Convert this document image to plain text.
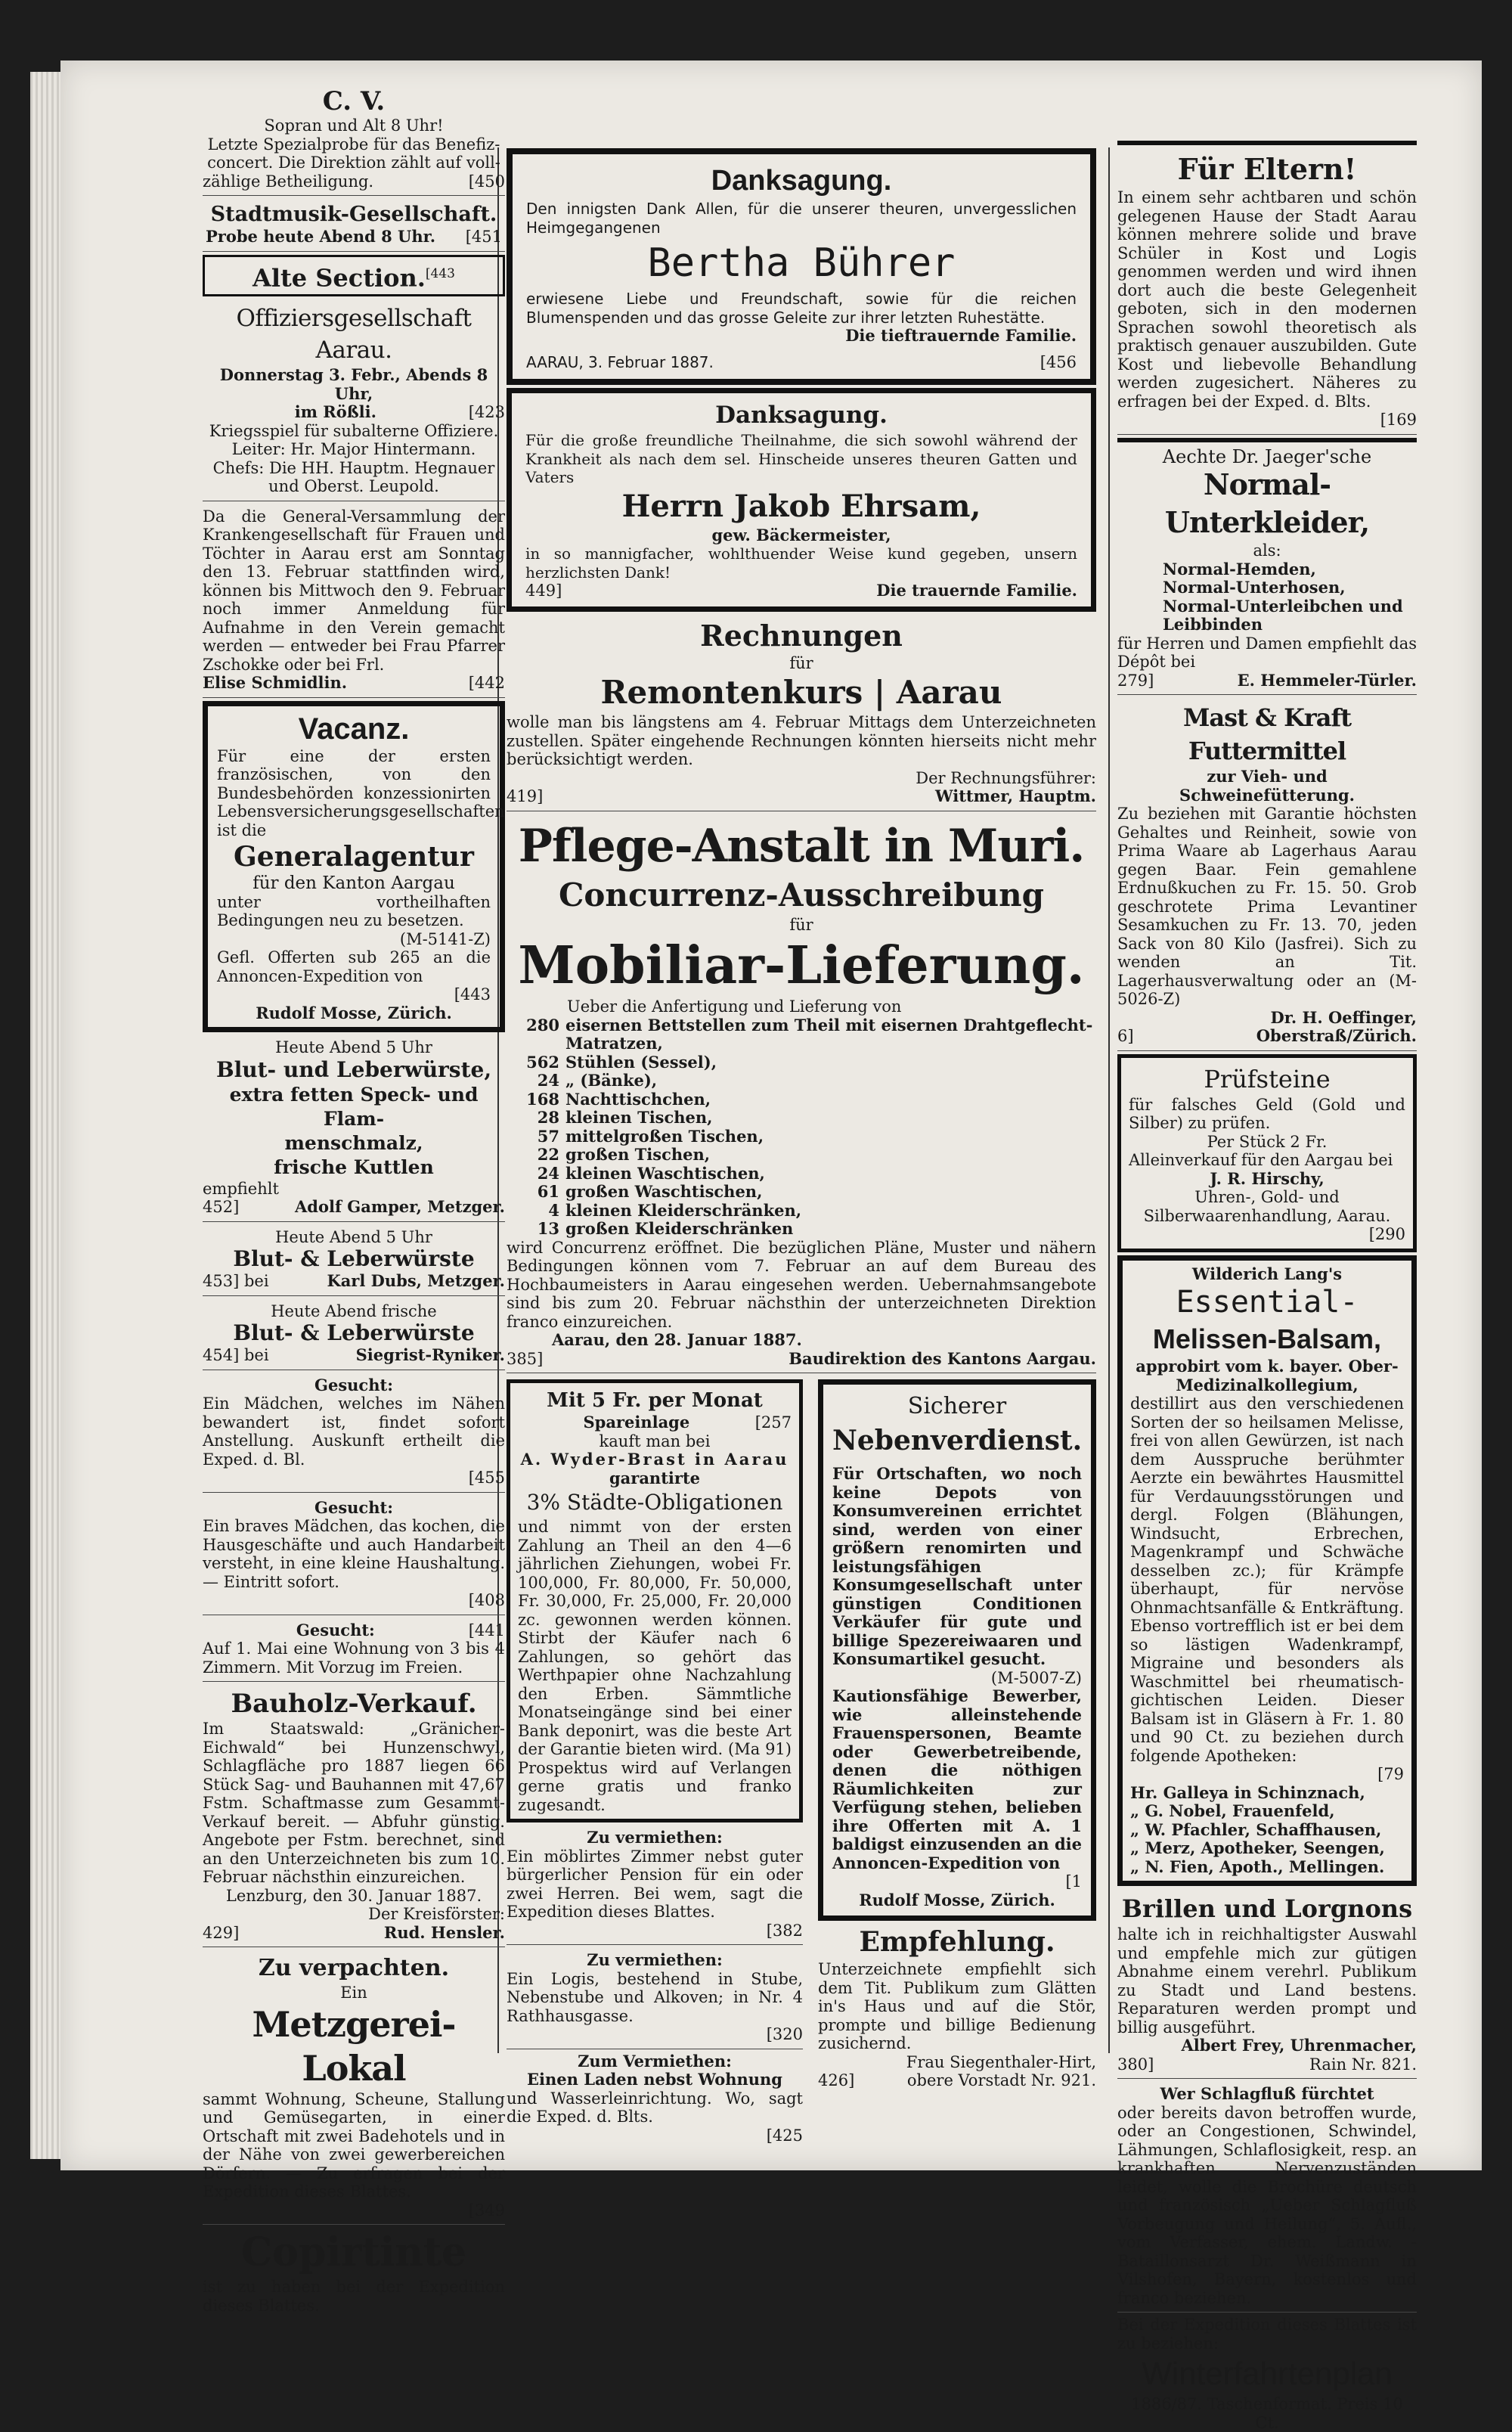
C. V.

Sopran und Alt 8 Uhr!

Letzte Spezialprobe für das Benefiz-

concert. Die Direktion zählt auf voll-

zählige Betheiligung.	[450

Stadtmusik-Gesellschaft.

Probe heute Abend 8 Uhr. [451

Alte Section.$^{[443}$

Offiziersgesellschaft Aarau.

Donnerstag 3. Febr., Abends 8 Uhr,

im Rößli.	[423

Kriegsspiel für subalterne Offiziere.

Leiter: Hr. Major Hintermann.

Chefs: Die HH. Hauptm. Hegnauer

und Oberst. Leupold.

Da die General-Versammlung der Krankengesellschaft für Frauen und Töchter in Aarau erst am Sonntag den 13. Februar stattfinden wird, können bis Mittwoch den 9. Februar noch immer Anmeldung für Aufnahme in den Verein gemacht werden — entweder bei Frau Pfarrer Zschokke oder bei Frl.

Elise Schmidlin.	[442

Vacanz.

Für eine der ersten französischen, von den Bundesbehörden konzessionirten Lebensversicherungsgesellschaften ist die

Generalagentur

für den Kanton Aargau

unter vortheilhaften Bedingungen neu zu besetzen.

(M-5141-Z)

Gefl. Offerten sub 265 an die Annoncen-Expedition von

[443

Rudolf Mosse, Zürich.

Heute Abend 5 Uhr

Blut- und Leberwürste,

extra fetten Speck- und Flam-

menschmalz,

frische Kuttlen

empfiehlt

452]	Adolf Gamper, Metzger.

Heute Abend 5 Uhr

Blut- & Leberwürste

453] bei	Karl Dubs, Metzger.

Heute Abend frische

Blut- & Leberwürste

454] bei	Siegrist-Ryniker.

Gesucht:

Ein Mädchen, welches im Nähen bewandert ist, findet sofort Anstellung. Auskunft ertheilt die Exped. d. Bl.

[455

Gesucht:

Ein braves Mädchen, das kochen, die Hausgeschäfte und auch Handarbeit versteht, in eine kleine Haushaltung. — Eintritt sofort.

[408

Gesucht:	[441

Auf 1. Mai eine Wohnung von 3 bis 4 Zimmern. Mit Vorzug im Freien.

Bauholz-Verkauf.

Im Staatswald: „Gränicher-Eichwald“ bei Hunzenschwyl, Schlagfläche pro 1887 liegen 66 Stück Sag- und Bauhannen mit 47,67 Fstm. Schaftmasse zum Gesammt-Verkauf bereit. — Abfuhr günstig. Angebote per Fstm. berechnet, sind an den Unterzeichneten bis zum 10. Februar nächsthin einzureichen.

Lenzburg, den 30. Januar 1887.

Der Kreisförster:

429]	Rud. Hensler.

Zu verpachten.

Ein

Metzgerei-Lokal

sammt Wohnung, Scheune, Stallung und Gemüsegarten, in einer Ortschaft mit zwei Badehotels und in der Nähe von zwei gewerbereichen Dörfern. — Zu erfragen bei der Expedition dieses Blattes.

[349

Copirtinte

ist zu haben bei der Expedition dieses Blattes.

Danksagung.

Den innigsten Dank Allen, für die unserer theuren, unvergesslichen Heimgegangenen

Bertha Bührer

erwiesene Liebe und Freundschaft, sowie für die reichen Blumenspenden und das grosse Geleite zur ihrer letzten Ruhestätte.

Die tieftrauernde Familie.

AARAU, 3. Februar 1887.	[456

Danksagung.

Für die große freundliche Theilnahme, die sich sowohl während der Krankheit als nach dem sel. Hinscheide unseres theuren Gatten und Vaters

Herrn Jakob Ehrsam,

gew. Bäckermeister,

in so mannigfacher, wohlthuender Weise kund gegeben, unsern herzlichsten Dank!

449]	Die trauernde Familie.

Rechnungen

für

Remontenkurs | Aarau

wolle man bis längstens am 4. Februar Mittags dem Unterzeichneten zustellen. Später eingehende Rechnungen könnten hierseits nicht mehr berücksichtigt werden.

Der Rechnungsführer:

419]	Wittmer, Hauptm.

Pflege-Anstalt in Muri.

Concurrenz-Ausschreibung

für

Mobiliar-Lieferung.

Ueber die Anfertigung und Lieferung von

280 eisernen Bettstellen zum Theil mit eisernen Drahtgeflecht-Matratzen,
562 Stühlen (Sessel),
24 „ (Bänke),
168 Nachttischchen,
28 kleinen Tischen,
57 mittelgroßen Tischen,
22 großen Tischen,
24 kleinen Waschtischen,
61 großen Waschtischen,
4 kleinen Kleiderschränken,
13 großen Kleiderschränken

wird Concurrenz eröffnet. Die bezüglichen Pläne, Muster und nähern Bedingungen können vom 7. Februar an auf dem Bureau des Hochbaumeisters in Aarau eingesehen werden. Uebernahmsangebote sind bis zum 20. Februar nächsthin der unterzeichneten Direktion franco einzureichen.

Aarau, den 28. Januar 1887.

385]	Baudirektion des Kantons Aargau.

Mit 5 Fr. per Monat

Spareinlage	[257

kauft man bei

A. Wyder-Brast in Aarau

garantirte

3% Städte-Obligationen

und nimmt von der ersten Zahlung an Theil an den 4—6 jährlichen Ziehungen, wobei Fr. 100,000, Fr. 80,000, Fr. 50,000, Fr. 30,000, Fr. 25,000, Fr. 20,000 zc. gewonnen werden können. Stirbt der Käufer nach 6 Zahlungen, so gehört das Werthpapier ohne Nachzahlung den Erben. Sämmtliche Monatseingänge sind bei einer Bank deponirt, was die beste Art der Garantie bieten wird. (Ma 91) Prospektus wird auf Verlangen gerne gratis und franko zugesandt.

Zu vermiethen:

Ein möblirtes Zimmer nebst guter bürgerlicher Pension für ein oder zwei Herren. Bei wem, sagt die Expedition dieses Blattes.

[382

Zu vermiethen:

Ein Logis, bestehend in Stube, Nebenstube und Alkoven; in Nr. 4 Rathhausgasse.

[320

Zum Vermiethen:

Einen Laden nebst Wohnung

und Wasserleinrichtung. Wo, sagt die Exped. d. Blts.

[425

Sicherer

Nebenverdienst.

Für Ortschaften, wo noch keine Depots von Konsumvereinen errichtet sind, werden von einer größern renomirten und leistungsfähigen Konsumgesellschaft unter günstigen Conditionen Verkäufer für gute und billige Spezereiwaaren und Konsumartikel gesucht.

(M-5007-Z)

Kautionsfähige Bewerber, wie alleinstehende Frauenspersonen, Beamte oder Gewerbetreibende, denen die nöthigen Räumlichkeiten zur Verfügung stehen, belieben ihre Offerten mit A. 1 baldigst einzusenden an die Annoncen-Expedition von

[1

Rudolf Mosse, Zürich.

Empfehlung.

Unterzeichnete empfiehlt sich dem Tit. Publikum zum Glätten in's Haus und auf die Stör, prompte und billige Bedienung zusichernd.

Frau Siegenthaler-Hirt,

426]	obere Vorstadt Nr. 921.

Für Eltern!

In einem sehr achtbaren und schön gelegenen Hause der Stadt Aarau können mehrere solide und brave Schüler in Kost und Logis genommen werden und wird ihnen dort auch die beste Gelegenheit geboten, sich in den modernen Sprachen sowohl theoretisch als praktisch genauer auszubilden. Gute Kost und liebevolle Behandlung werden zugesichert. Näheres zu erfragen bei der Exped. d. Blts.

[169

Aechte Dr. Jaeger'sche

Normal-Unterkleider,

als:

Normal-Hemden,

Normal-Unterhosen,

Normal-Unterleibchen und Leibbinden

für Herren und Damen empfiehlt das Dépôt bei

279]	E. Hemmeler-Türler.

Mast & Kraft Futtermittel

zur Vieh- und Schweinefütterung.

Zu beziehen mit Garantie höchsten Gehaltes und Reinheit, sowie von Prima Waare ab Lagerhaus Aarau gegen Baar. Fein gemahlene Erdnußkuchen zu Fr. 15. 50. Grob geschrotete Prima Levantiner Sesamkuchen zu Fr. 13. 70, jeden Sack von 80 Kilo (Jasfrei). Sich zu wenden an Tit. Lagerhausverwaltung oder an (M-5026-Z)

Dr. H. Oeffinger,

6]	Oberstraß/Zürich.

Prüfsteine

für falsches Geld (Gold und Silber) zu prüfen.

Per Stück 2 Fr.

Alleinverkauf für den Aargau bei

J. R. Hirschy,

Uhren-, Gold- und Silberwaarenhandlung, Aarau.

[290

Wilderich Lang's

Essential-

Melissen-Balsam,

approbirt vom k. bayer. Ober-Medizinalkollegium,

destillirt aus den verschiedenen Sorten der so heilsamen Melisse, frei von allen Gewürzen, ist nach dem Ausspruche berühmter Aerzte ein bewährtes Hausmittel für Verdauungsstörungen und dergl. Folgen (Blähungen, Windsucht, Erbrechen, Magenkrampf und Schwäche desselben zc.); für Krämpfe überhaupt, für nervöse Ohnmachtsanfälle & Entkräftung. Ebenso vortrefflich ist er bei dem so lästigen Wadenkrampf, Migraine und besonders als Waschmittel bei rheumatisch-gichtischen Leiden. Dieser Balsam ist in Gläsern à Fr. 1. 80 und 90 Ct. zu beziehen durch folgende Apotheken:

[79

Hr. Galleya in Schinznach,

„ G. Nobel, Frauenfeld,

„ W. Pfachler, Schaffhausen,

„ Merz, Apotheker, Seengen,

„ N. Fien, Apoth., Mellingen.

Brillen und Lorgnons

halte ich in reichhaltigster Auswahl und empfehle mich zur gütigen Abnahme einem verehrl. Publikum zu Stadt und Land bestens. Reparaturen werden prompt und billig ausgeführt.

Albert Frey, Uhrenmacher,

380]	Rain Nr. 821.

Wer Schlagfluß fürchtet

oder bereits davon betroffen wurde, oder an Congestionen, Schwindel, Lähmungen, Schlaflosigkeit, resp. an krankhaften Nervenzuständen leidet, wolle die Brochüre deutsch und französisch „Ueber Schlagfluß Vorbeugung und Heilung“, 5. Aufl., vom Verfasser, ehem. Landw. - Bataillonsarzt Dr. Weißmann in Vilshofen, Bayern, kostenlos und franco beziehen.

Bei der Expedition dieses Blattes ist zu beziehen:

Winterfahrtenplan

1886/87. Taschenformat. Preis 10 Ct.
